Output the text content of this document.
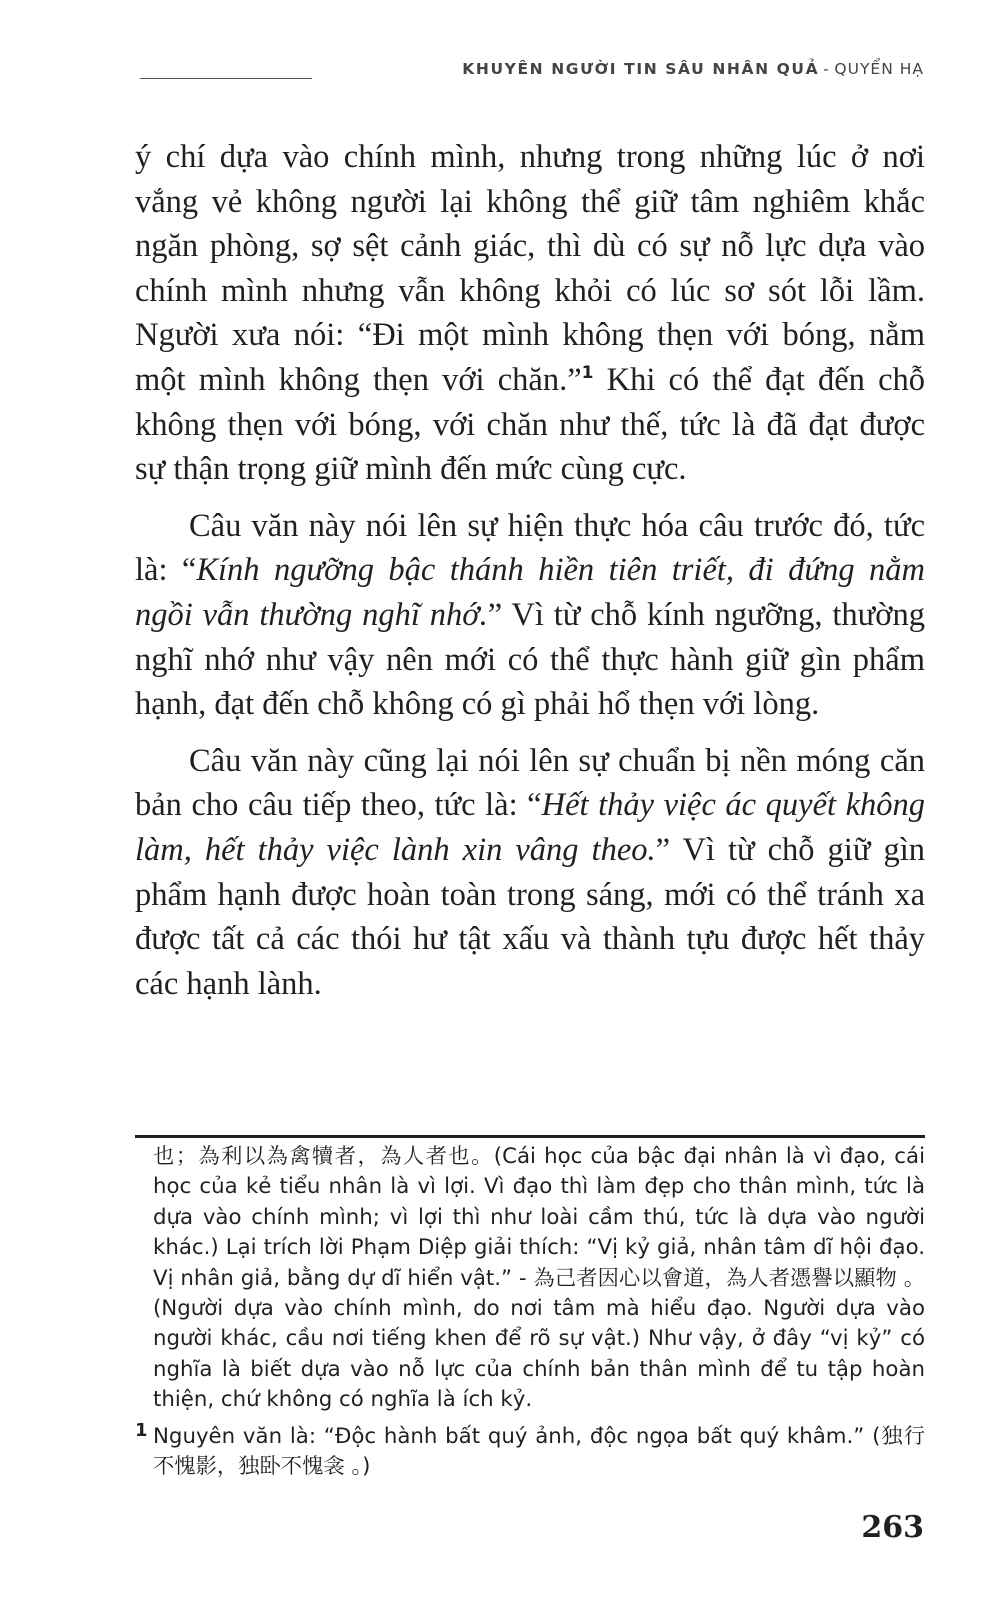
KHUYÊN NGƯỜI TIN SÂU NHÂN QUẢ - QUYỂN HẠ

ý chí dựa vào chính mình, nhưng trong những lúc ở nơi vắng vẻ không người lại không thể giữ tâm nghiêm khắc ngăn phòng, sợ sệt cảnh giác, thì dù có sự nỗ lực dựa vào chính mình nhưng vẫn không khỏi có lúc sơ sót lỗi lầm. Người xưa nói: “Đi một mình không thẹn với bóng, nằm một mình không thẹn với chăn.”$^1$ Khi có thể đạt đến chỗ không thẹn với bóng, với chăn như thế, tức là đã đạt được sự thận trọng giữ mình đến mức cùng cực.

Câu văn này nói lên sự hiện thực hóa câu trước đó, tức là: “Kính ngưỡng bậc thánh hiền tiên triết, đi đứng nằm ngồi vẫn thường nghĩ nhớ.” Vì từ chỗ kính ngưỡng, thường nghĩ nhớ như vậy nên mới có thể thực hành giữ gìn phẩm hạnh, đạt đến chỗ không có gì phải hổ thẹn với lòng.

Câu văn này cũng lại nói lên sự chuẩn bị nền móng căn bản cho câu tiếp theo, tức là: “Hết thảy việc ác quyết không làm, hết thảy việc lành xin vâng theo.” Vì từ chỗ giữ gìn phẩm hạnh được hoàn toàn trong sáng, mới có thể tránh xa được tất cả các thói hư tật xấu và thành tựu được hết thảy các hạnh lành.

也；為利以為禽犢者，為人者也。(Cái học của bậc đại nhân là vì đạo, cái học của kẻ tiểu nhân là vì lợi. Vì đạo thì làm đẹp cho thân mình, tức là dựa vào chính mình; vì lợi thì như loài cầm thú, tức là dựa vào người khác.) Lại trích lời Phạm Diệp giải thích: “Vị kỷ giả, nhân tâm dĩ hội đạo. Vị nhân giả, bằng dự dĩ hiển vật.” - 為己者因心以會道，為人者憑譽以顯物 。(Người dựa vào chính mình, do nơi tâm mà hiểu đạo. Người dựa vào người khác, cầu nơi tiếng khen để rõ sự vật.) Như vậy, ở đây “vị kỷ” có nghĩa là biết dựa vào nỗ lực của chính bản thân mình để tu tập hoàn thiện, chứ không có nghĩa là ích kỷ.

1 Nguyên văn là: “Độc hành bất quý ảnh, độc ngọa bất quý khâm.” (独行不愧影，独卧不愧衾 。)

263
